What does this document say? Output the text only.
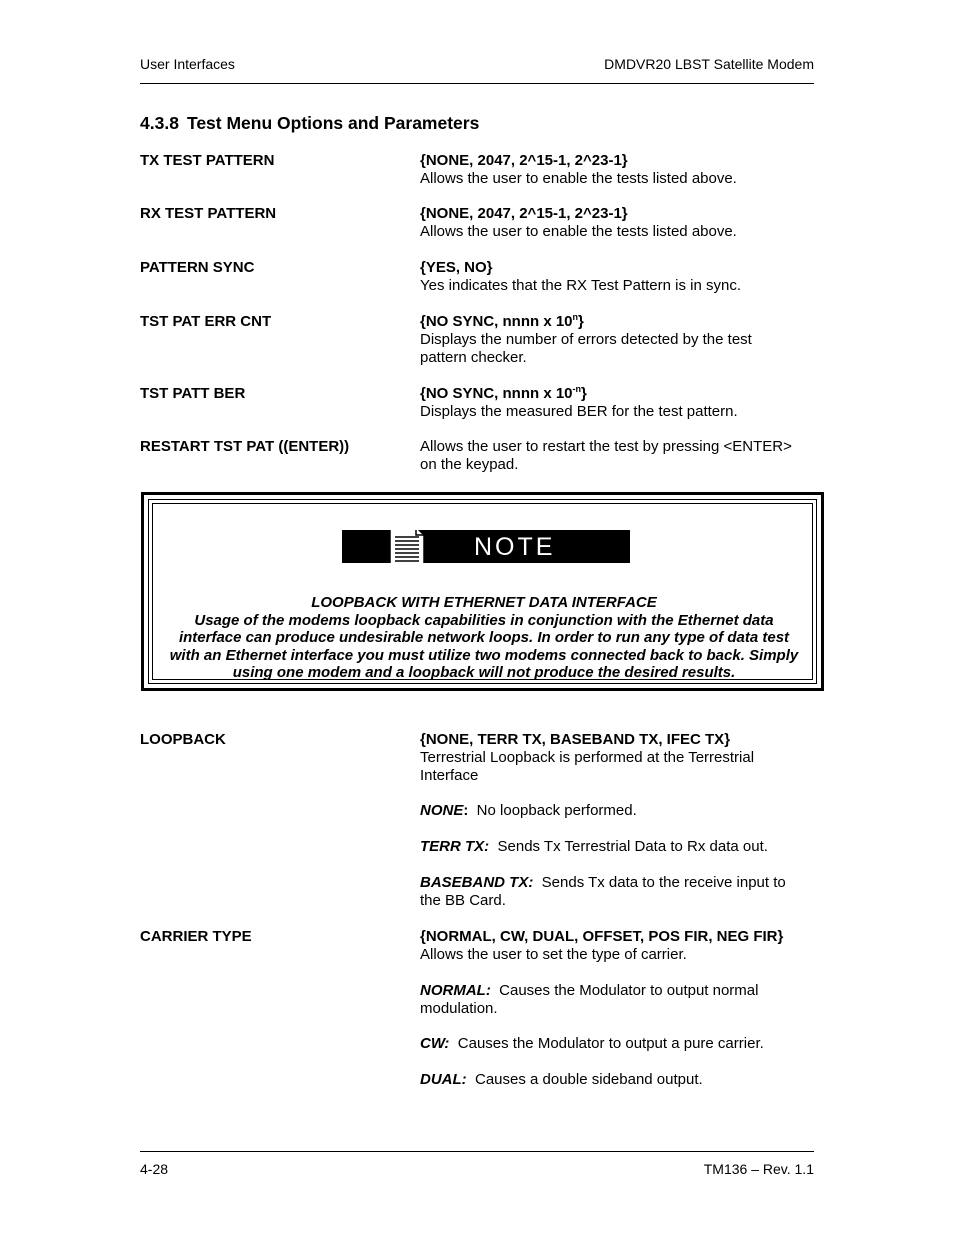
User Interfaces	DMDVR20 LBST Satellite Modem
4.3.8 Test Menu Options and Parameters
TX TEST PATTERN	{NONE, 2047, 2^15-1, 2^23-1}
Allows the user to enable the tests listed above.
RX TEST PATTERN	{NONE, 2047, 2^15-1, 2^23-1}
Allows the user to enable the tests listed above.
PATTERN SYNC	{YES, NO}
Yes indicates that the RX Test Pattern is in sync.
TST PAT ERR CNT	{NO SYNC, nnnn x 10$^n$}
Displays the number of errors detected by the test
pattern checker.
TST PATT BER	{NO SYNC, nnnn x $10^{-n}$}
Displays the measured BER for the test pattern.
RESTART TST PAT ((ENTER))	Allows the user to restart the test by pressing <ENTER>
on the keypad.
NOTE
LOOPBACK WITH ETHERNET DATA INTERFACE
Usage of the modems loopback capabilities in conjunction with the Ethernet data
interface can produce undesirable network loops. In order to run any type of data test
with an Ethernet interface you must utilize two modems connected back to back. Simply
using one modem and a loopback will not produce the desired results.
LOOPBACK	{NONE, TERR TX, BASEBAND TX, IFEC TX}
Terrestrial Loopback is performed at the Terrestrial
Interface
NONE:  No loopback performed.
TERR TX:  Sends Tx Terrestrial Data to Rx data out.
BASEBAND TX:  Sends Tx data to the receive input to
the BB Card.
CARRIER TYPE	{NORMAL, CW, DUAL, OFFSET, POS FIR, NEG FIR}
Allows the user to set the type of carrier.
NORMAL:  Causes the Modulator to output normal
modulation.
CW:  Causes the Modulator to output a pure carrier.
DUAL:  Causes a double sideband output.
4-28	TM136 – Rev. 1.1
